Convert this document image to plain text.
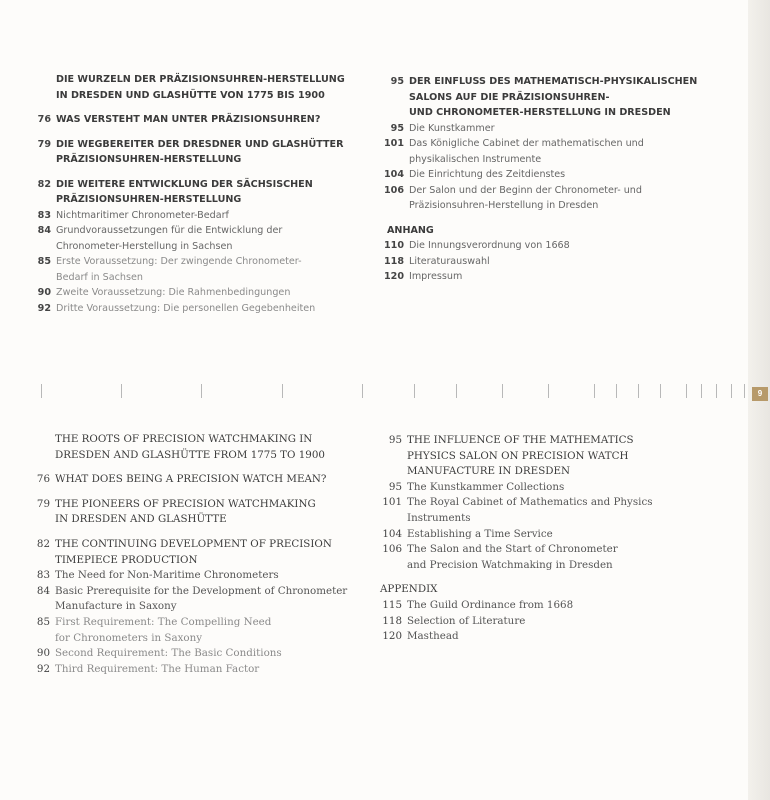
DIE WURZELN DER PRÄZISIONSUHREN-HERSTELLUNG
IN DRESDEN UND GLASHÜTTE VON 1775 BIS 1900
76 WAS VERSTEHT MAN UNTER PRÄZISIONSUHREN?
79 DIE WEGBEREITER DER DRESDNER UND GLASHÜTTER
PRÄZISIONSUHREN-HERSTELLUNG
82 DIE WEITERE ENTWICKLUNG DER SÄCHSISCHEN
PRÄZISIONSUHREN-HERSTELLUNG
83 Nichtmaritimer Chronometer-Bedarf
84 Grundvoraussetzungen für die Entwicklung der
Chronometer-Herstellung in Sachsen
85 Erste Voraussetzung: Der zwingende Chronometer-
Bedarf in Sachsen
90 Zweite Voraussetzung: Die Rahmenbedingungen
92 Dritte Voraussetzung: Die personellen Gegebenheiten
95 DER EINFLUSS DES MATHEMATISCH-PHYSIKALISCHEN
SALONS AUF DIE PRÄZISIONSUHREN-
UND CHRONOMETER-HERSTELLUNG IN DRESDEN
95 Die Kunstkammer
101 Das Königliche Cabinet der mathematischen und
physikalischen Instrumente
104 Die Einrichtung des Zeitdienstes
106 Der Salon und der Beginn der Chronometer- und
Präzisionsuhren-Herstellung in Dresden
ANHANG
110 Die Innungsverordnung von 1668
118 Literaturauswahl
120 Impressum
9
THE ROOTS OF PRECISION WATCHMAKING IN
DRESDEN AND GLASHÜTTE FROM 1775 TO 1900
76 WHAT DOES BEING A PRECISION WATCH MEAN?
79 THE PIONEERS OF PRECISION WATCHMAKING
IN DRESDEN AND GLASHÜTTE
82 THE CONTINUING DEVELOPMENT OF PRECISION
TIMEPIECE PRODUCTION
83 The Need for Non-Maritime Chronometers
84 Basic Prerequisite for the Development of Chronometer
Manufacture in Saxony
85 First Requirement: The Compelling Need
for Chronometers in Saxony
90 Second Requirement: The Basic Conditions
92 Third Requirement: The Human Factor
95 THE INFLUENCE OF THE MATHEMATICS
PHYSICS SALON ON PRECISION WATCH
MANUFACTURE IN DRESDEN
95 The Kunstkammer Collections
101 The Royal Cabinet of Mathematics and Physics
Instruments
104 Establishing a Time Service
106 The Salon and the Start of Chronometer
and Precision Watchmaking in Dresden
APPENDIX
115 The Guild Ordinance from 1668
118 Selection of Literature
120 Masthead
